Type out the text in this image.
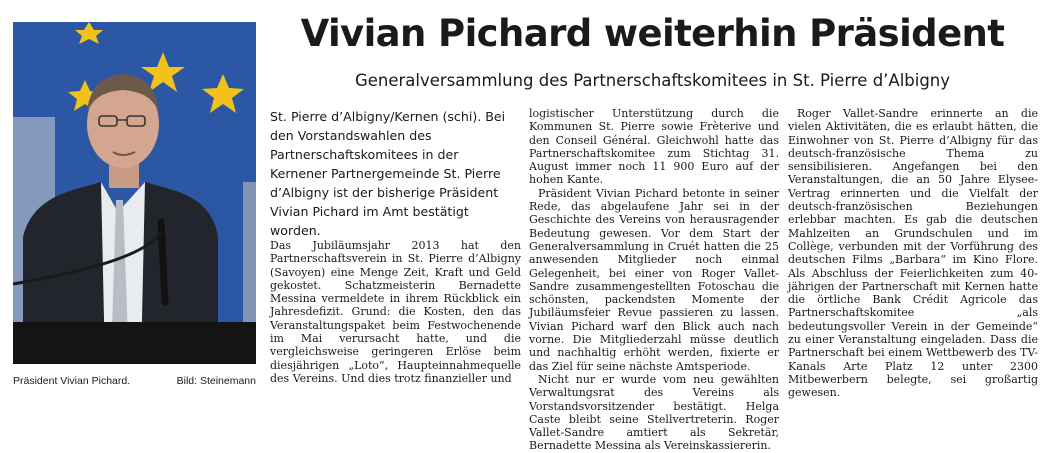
Präsident Vivian Pichard.	Bild: Steinemann
Vivian Pichard weiterhin Präsident
Generalversammlung des Partnerschaftskomitees in St. Pierre d’Albigny

St. Pierre d’Albigny/Kernen (schi). Bei den Vorstandswahlen des Partnerschaftskomitees in der Kernener Partnergemeinde St. Pierre d’Albigny ist der bisherige Präsident Vivian Pichard im Amt bestätigt worden.

Das Jubiläumsjahr 2013 hat den Partnerschaftsverein in St. Pierre d’Albigny (Savoyen) eine Menge Zeit, Kraft und Geld gekostet. Schatzmeisterin Bernadette Messina vermeldete in ihrem Rückblick ein Jahresdefizit. Grund: die Kosten, den das Veranstaltungspaket beim Festwochenende im Mai verursacht hatte, und die vergleichsweise geringeren Erlöse beim diesjährigen „Loto“, Haupteinnahmequelle des Vereins. Und dies trotz finanzieller und

logistischer Unterstützung durch die Kommunen St. Pierre sowie Frèterive und den Conseil Général. Gleichwohl hatte das Partnerschaftskomitee zum Stichtag 31. August immer noch 11 900 Euro auf der hohen Kante.

Präsident Vivian Pichard betonte in seiner Rede, das abgelaufene Jahr sei in der Geschichte des Vereins von herausragender Bedeutung gewesen. Vor dem Start der Generalversammlung in Cruét hatten die 25 anwesenden Mitglieder noch einmal Gelegenheit, bei einer von Roger Vallet-Sandre zusammengestellten Fotoschau die schönsten, packendsten Momente der Jubiläumsfeier Revue passieren zu lassen. Vivian Pichard warf den Blick auch nach vorne. Die Mitgliederzahl müsse deutlich und nachhaltig erhöht werden, fixierte er das Ziel für seine nächste Amtsperiode.

Nicht nur er wurde vom neu gewählten Verwaltungsrat des Vereins als Vorstandsvorsitzender bestätigt. Helga Caste bleibt seine Stellvertreterin. Roger Vallet-Sandre amtiert als Sekretär, Bernadette Messina als Vereinskassiererin.

Roger Vallet-Sandre erinnerte an die vielen Aktivitäten, die es erlaubt hätten, die Einwohner von St. Pierre d’Albigny für das deutsch-französische Thema zu sensibilisieren. Angefangen bei den Veranstaltungen, die an 50 Jahre Elysee-Vertrag erinnerten und die Vielfalt der deutsch-französischen Beziehungen erlebbar machten. Es gab die deutschen Mahlzeiten an Grundschulen und im Collège, verbunden mit der Vorführung des deutschen Films „Barbara“ im Kino Flore. Als Abschluss der Feierlichkeiten zum 40-jährigen der Partnerschaft mit Kernen hatte die örtliche Bank Crédit Agricole das Partnerschaftskomitee „als bedeutungsvoller Verein in der Gemeinde“ zu einer Veranstaltung eingeladen. Dass die Partnerschaft bei einem Wettbewerb des TV-Kanals Arte Platz 12 unter 2300 Mitbewerbern belegte, sei großartig gewesen.
